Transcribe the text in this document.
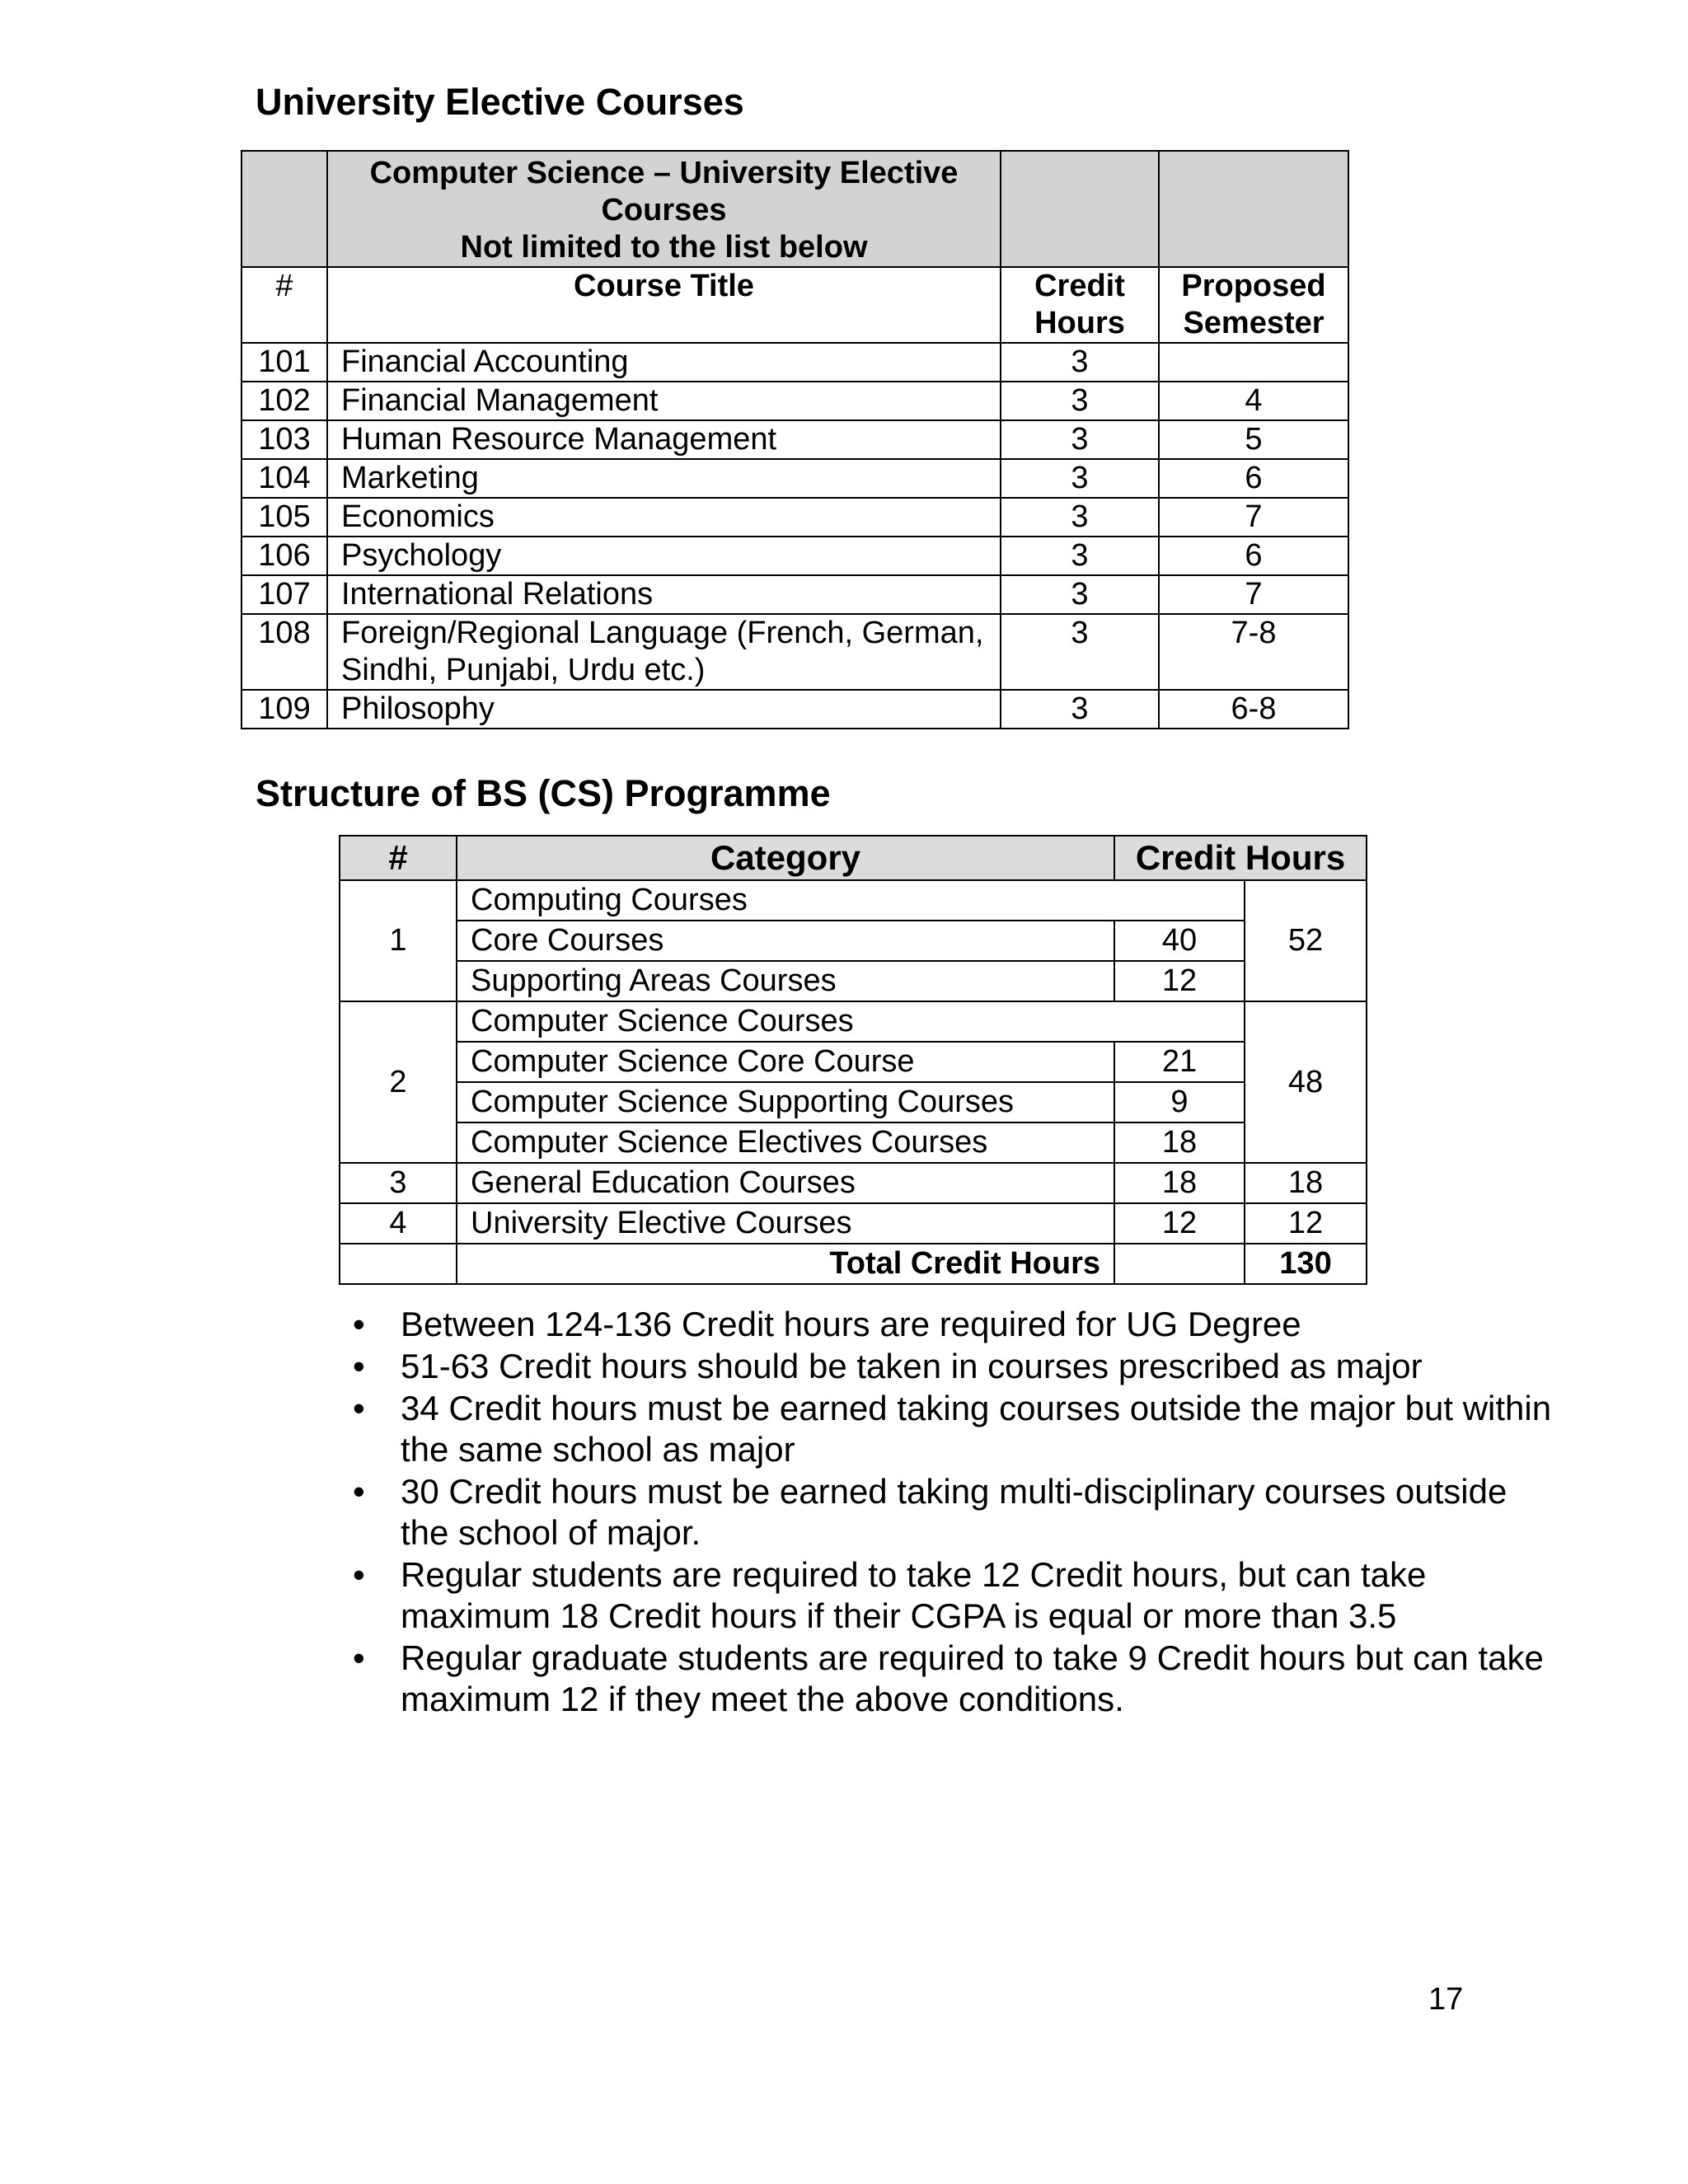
University Elective Courses

	Computer Science – University Elective
Courses
Not limited to the list below		

#	Course Title	Credit Hours	Proposed Semester
101	Financial Accounting	3	
102	Financial Management	3	4
103	Human Resource Management	3	5
104	Marketing	3	6
105	Economics	3	7
106	Psychology	3	6
107	International Relations	3	7
108	Foreign/Regional Language (French, German, Sindhi, Punjabi, Urdu etc.)	3	7-8
109	Philosophy	3	6-8
Structure of BS (CS) Programme
#	Category	Credit Hours	
1	Computing Courses		52
	Core Courses	40	
	Supporting Areas Courses	12	
2	Computer Science Courses		48
	Computer Science Core Course	21	
	Computer Science Supporting Courses	9	
	Computer Science Electives Courses	18	
3	General Education Courses	18	18
4	University Elective Courses	12	12
	Total Credit Hours		130
• Between 124-136 Credit hours are required for UG Degree
• 51-63 Credit hours should be taken in courses prescribed as major
• 34 Credit hours must be earned taking courses outside the major but within the same school as major
• 30 Credit hours must be earned taking multi-disciplinary courses outside the school of major.
• Regular students are required to take 12 Credit hours, but can take maximum 18 Credit hours if their CGPA is equal or more than 3.5
• Regular graduate students are required to take 9 Credit hours but can take maximum 12 if they meet the above conditions.
17
